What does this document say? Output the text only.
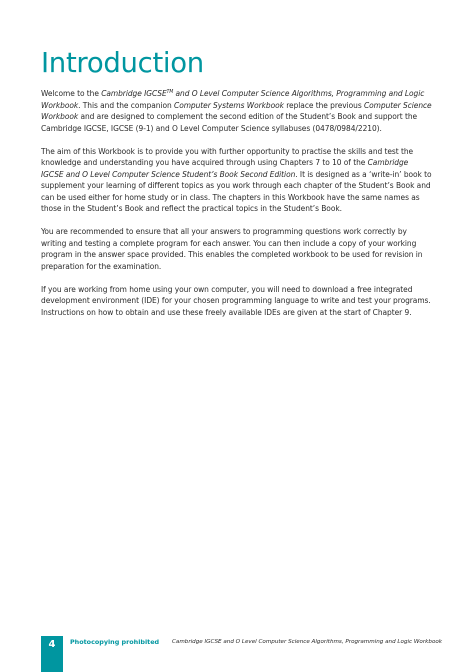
Introduction

Welcome to the Cambridge IGCSE™ and O Level Computer Science Algorithms, Programming and Logic Workbook. This and the companion Computer Systems Workbook replace the previous Computer Science Workbook and are designed to complement the second edition of the Student’s Book and support the Cambridge IGCSE, IGCSE (9-1) and O Level Computer Science syllabuses (0478/0984/2210).

The aim of this Workbook is to provide you with further opportunity to practise the skills and test the knowledge and understanding you have acquired through using Chapters 7 to 10 of the Cambridge IGCSE and O Level Computer Science Student’s Book Second Edition. It is designed as a ‘write-in’ book to supplement your learning of different topics as you work through each chapter of the Student’s Book and can be used either for home study or in class. The chapters in this Workbook have the same names as those in the Student’s Book and reflect the practical topics in the Student’s Book.

You are recommended to ensure that all your answers to programming questions work correctly by writing and testing a complete program for each answer. You can then include a copy of your working program in the answer space provided. This enables the completed workbook to be used for revision in preparation for the examination.

If you are working from home using your own computer, you will need to download a free integrated development environment (IDE) for your chosen programming language to write and test your programs. Instructions on how to obtain and use these freely available IDEs are given at the start of Chapter 9.

4	Photocopying prohibited Cambridge IGCSE and O Level Computer Science Algorithms, Programming and Logic Workbook
